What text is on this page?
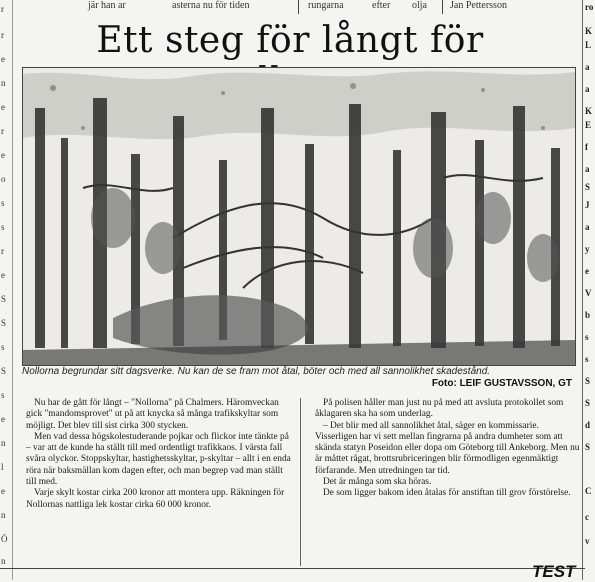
r
r
e
n
e
r
e
o
s
s
r
e
S
S
s
S
s
e
n
l
e
n
Ö
n
ro
K
L
a
a
K
E
f
a
S
J
a
y
e
V
b
s
s
S
S
d
S
C
c
v
jär han ar	asterna nu för tiden	rungarna	efter olja Jan Pettersson
Ett steg för långt för
Nollorna begrundar sitt dagsverke. Nu kan de se fram mot åtal, böter och med all sannolikhet skadestånd.
Foto: LEIF GUSTAVSSON, GT

Nu har de gått för långt – "Nollorna" på Chalmers. Häromveckan gick "mandomsprovet" ut på att knycka så många trafikskyltar som möjligt. Det blev till sist cirka 300 stycken.

Men vad dessa högskolestuderande pojkar och flickor inte tänkte på – var att de kunde ha ställt till med ordentligt trafikkaos. I värsta fall svåra olyckor. Stoppskyltar, hastighetsskyltar, p-skyltar – allt i en enda röra när baksmällan kom dagen efter, och man begrep vad man ställt till med.

Varje skylt kostar cirka 200 kronor att montera upp. Räkningen för Nollornas nattliga lek kostar cirka 60 000 kronor.

På polisen håller man just nu på med att avsluta protokollet som åklagaren ska ha som underlag.

– Det blir med all sannolikhet åtal, säger en kommissarie. Visserligen har vi sett mellan fingrarna på andra dumheter som att skända statyn Poseidon eller dopa om Göteborg till Ankeborg. Men nu är måttet rågat, brottsrubriceringen blir förmodligen egenmäktigt förfarande. Men utredningen tar tid.

Det är många som ska höras.

De som ligger bakom iden åtalas för anstiftan till grov förstörelse.

TEST
